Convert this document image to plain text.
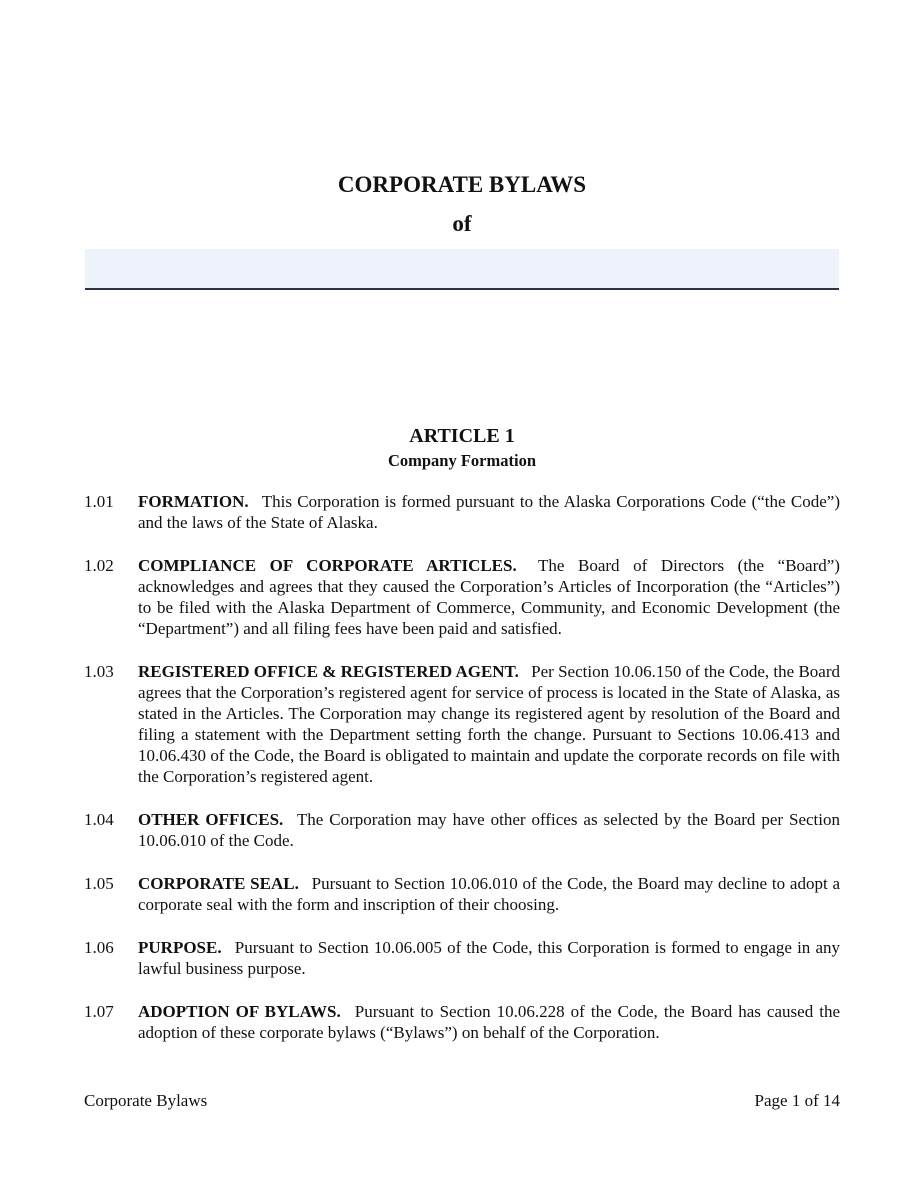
CORPORATE BYLAWS
of
ARTICLE 1
Company Formation
1.01	FORMATION. This Corporation is formed pursuant to the Alaska Corporations Code (“the Code”) and the laws of the State of Alaska.
1.02	COMPLIANCE OF CORPORATE ARTICLES. The Board of Directors (the “Board”) acknowledges and agrees that they caused the Corporation’s Articles of Incorporation (the “Articles”) to be filed with the Alaska Department of Commerce, Community, and Economic Development (the “Department”) and all filing fees have been paid and satisfied.
1.03	REGISTERED OFFICE & REGISTERED AGENT. Per Section 10.06.150 of the Code, the Board agrees that the Corporation’s registered agent for service of process is located in the State of Alaska, as stated in the Articles. The Corporation may change its registered agent by resolution of the Board and filing a statement with the Department setting forth the change. Pursuant to Sections 10.06.413 and 10.06.430 of the Code, the Board is obligated to maintain and update the corporate records on file with the Corporation’s registered agent.
1.04	OTHER OFFICES. The Corporation may have other offices as selected by the Board per Section 10.06.010 of the Code.
1.05	CORPORATE SEAL. Pursuant to Section 10.06.010 of the Code, the Board may decline to adopt a corporate seal with the form and inscription of their choosing.
1.06	PURPOSE. Pursuant to Section 10.06.005 of the Code, this Corporation is formed to engage in any lawful business purpose.
1.07	ADOPTION OF BYLAWS. Pursuant to Section 10.06.228 of the Code, the Board has caused the adoption of these corporate bylaws (“Bylaws”) on behalf of the Corporation.
Corporate Bylaws	Page 1 of 14
